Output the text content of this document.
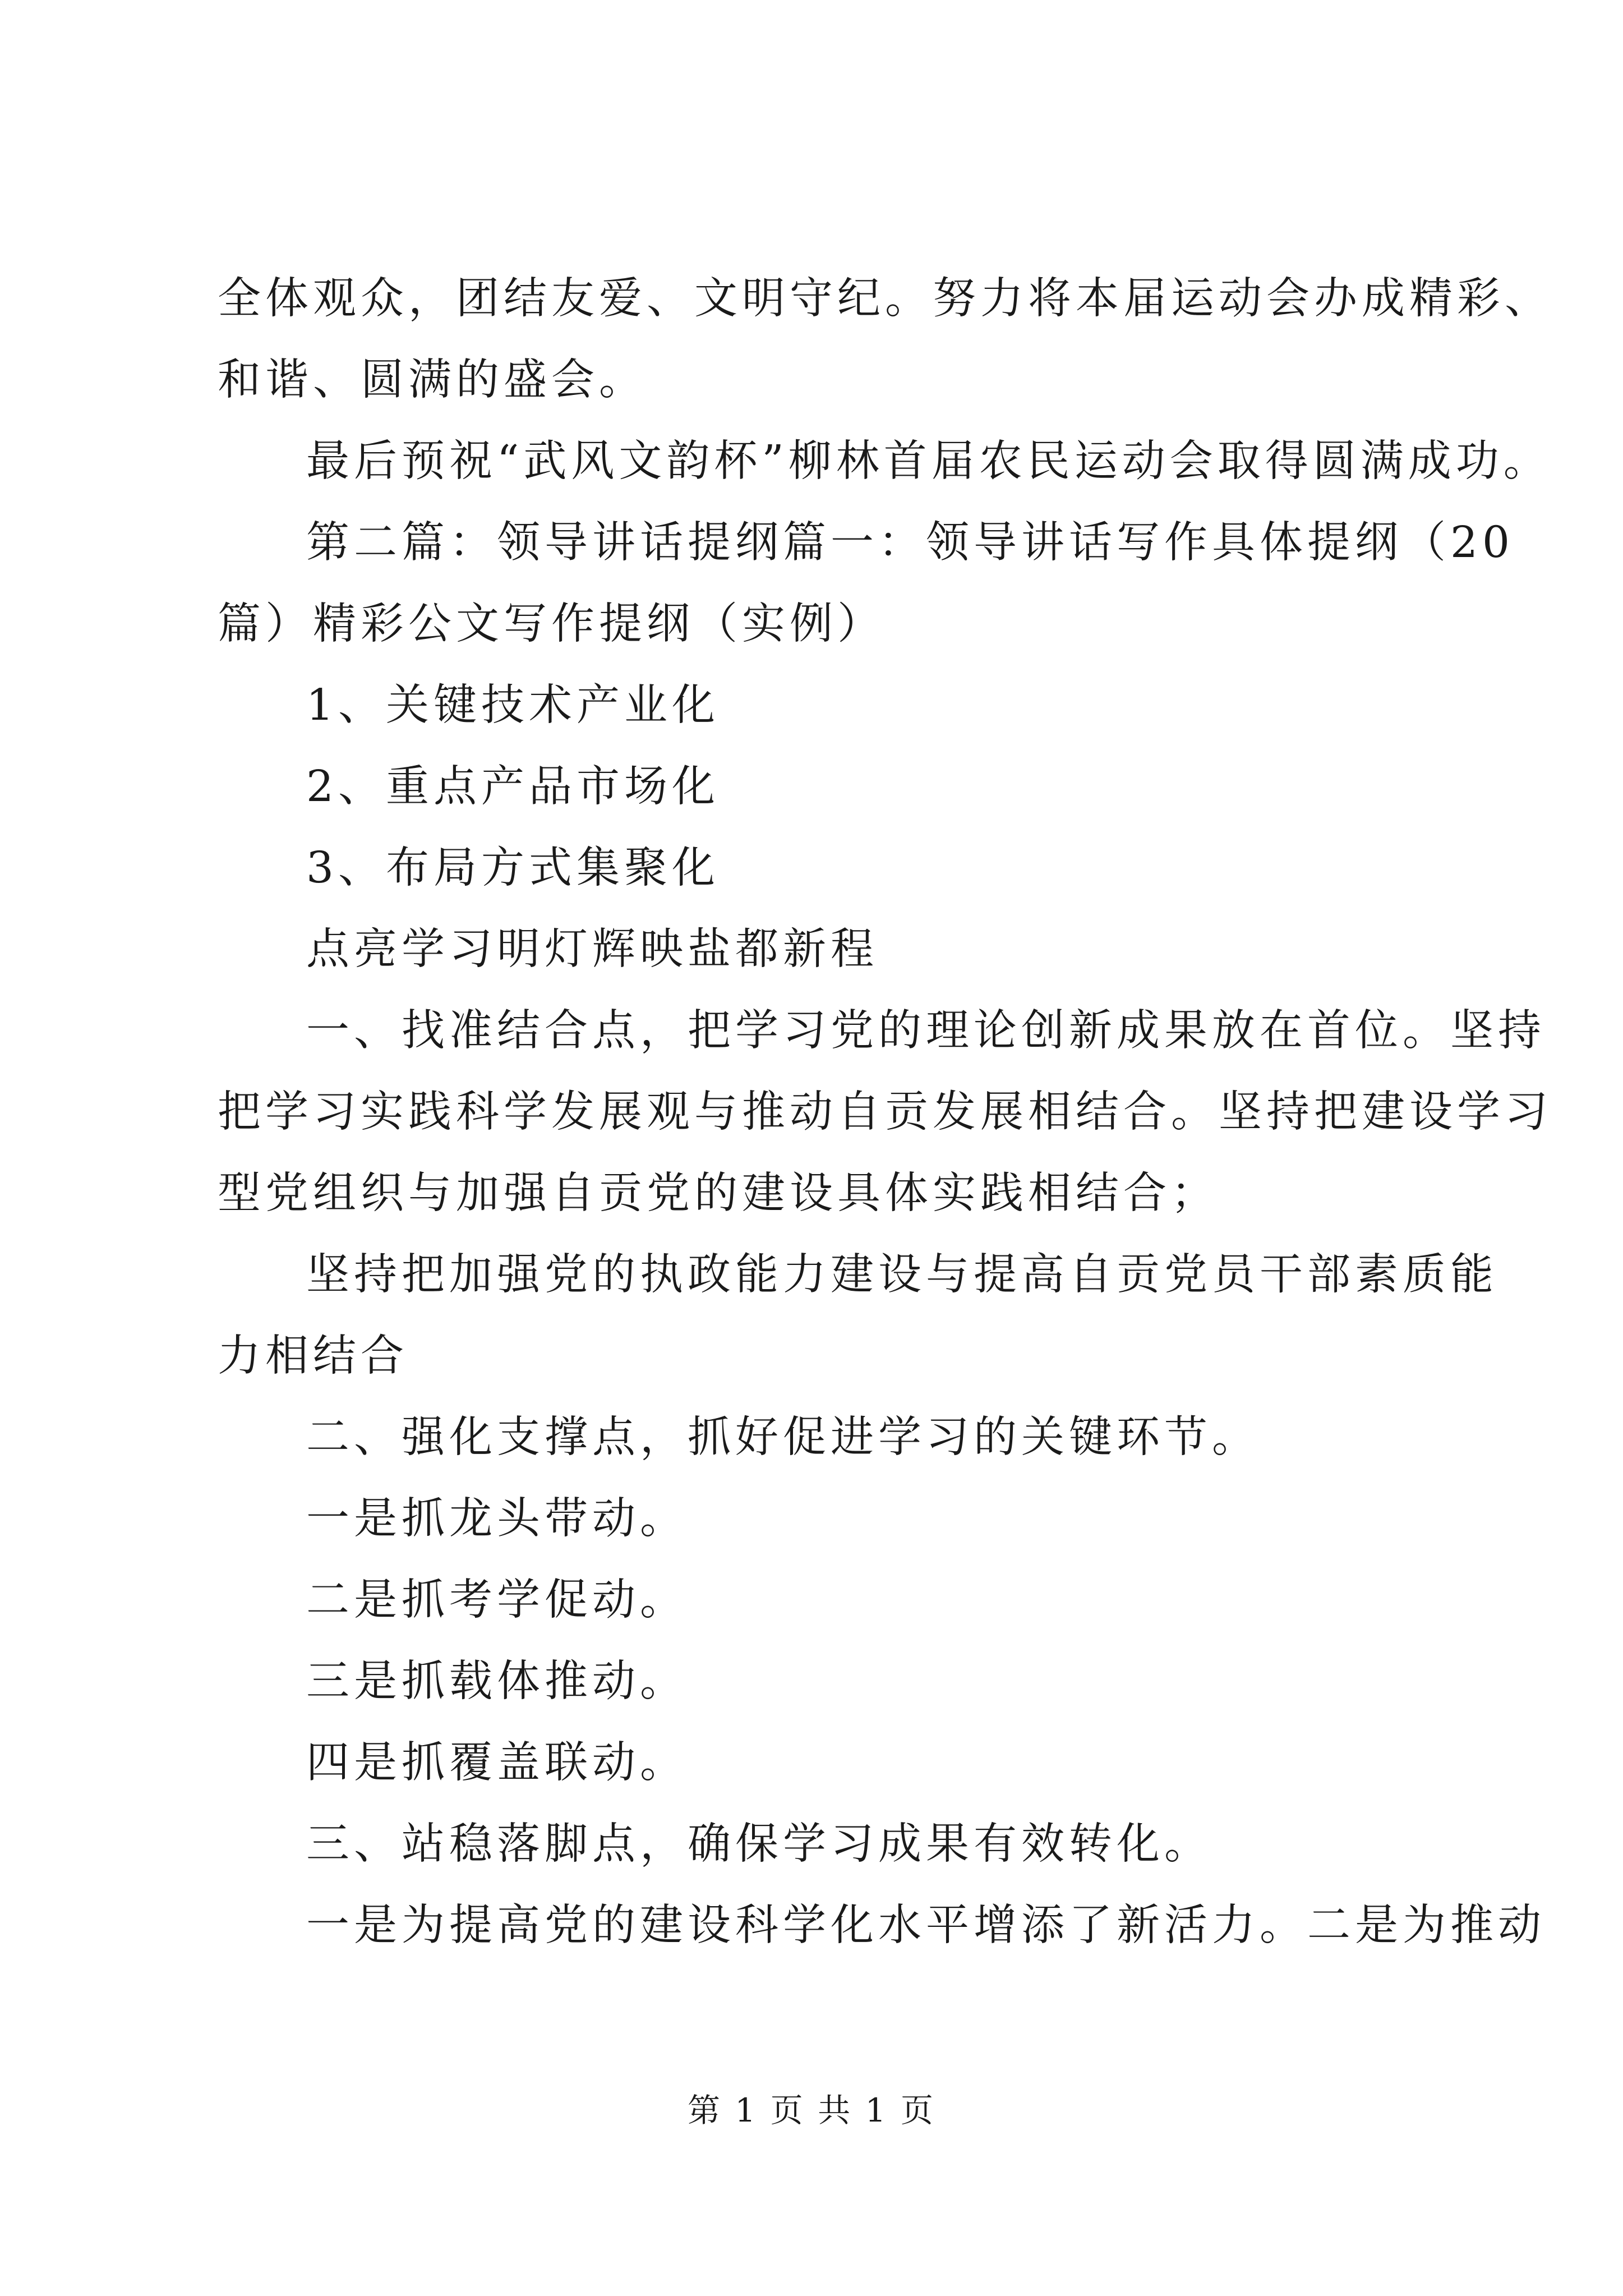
全体观众，团结友爱、文明守纪。努力将本届运动会办成精彩、
和谐、圆满的盛会。
最后预祝“武风文韵杯”柳林首届农民运动会取得圆满成功。
第二篇：领导讲话提纲篇一：领导讲话写作具体提纲（20
篇）精彩公文写作提纲（实例）
1、关键技术产业化
2、重点产品市场化
3、布局方式集聚化
点亮学习明灯辉映盐都新程
一、找准结合点，把学习党的理论创新成果放在首位。坚持
把学习实践科学发展观与推动自贡发展相结合。坚持把建设学习
型党组织与加强自贡党的建设具体实践相结合；
坚持把加强党的执政能力建设与提高自贡党员干部素质能
力相结合
二、强化支撑点，抓好促进学习的关键环节。
一是抓龙头带动。
二是抓考学促动。
三是抓载体推动。
四是抓覆盖联动。
三、站稳落脚点，确保学习成果有效转化。
一是为提高党的建设科学化水平增添了新活力。二是为推动
第 1 页 共 1 页
